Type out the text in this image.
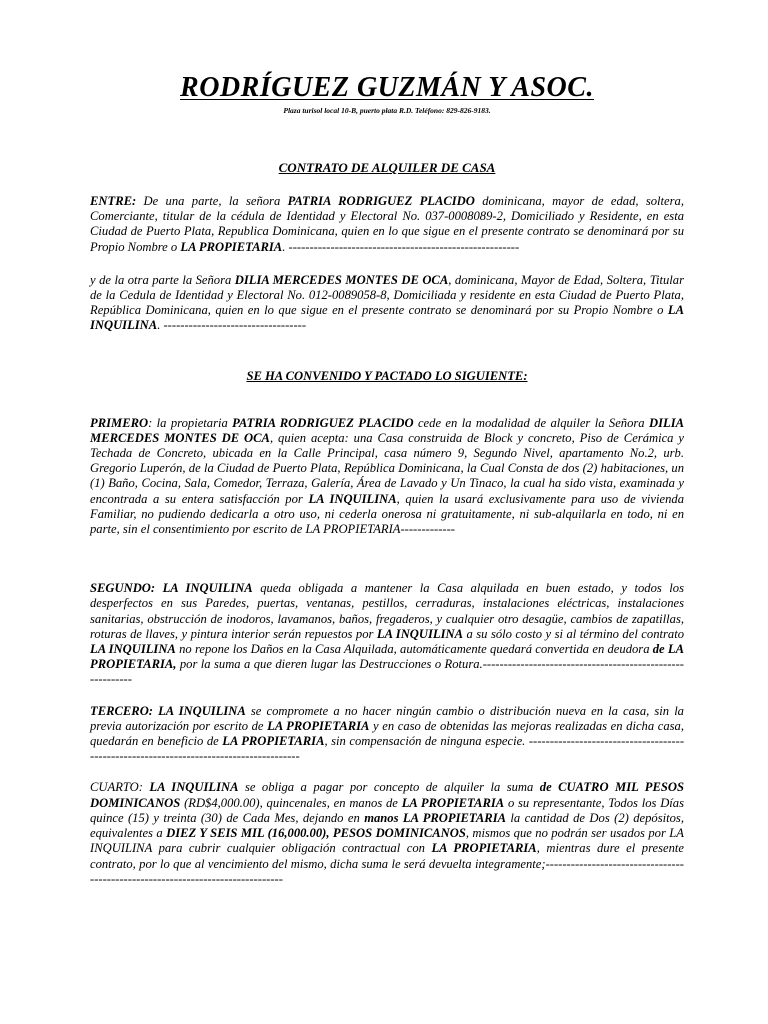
RODRÍGUEZ GUZMÁN Y ASOC.
Plaza turisol local 10-B, puerto plata R.D. Teléfono: 829-826-9183.
CONTRATO DE ALQUILER DE CASA

ENTRE: De una parte, la señora PATRIA RODRIGUEZ PLACIDO dominicana, mayor de edad, soltera, Comerciante, titular de la cédula de Identidad y Electoral No. 037-0008089-2, Domiciliado y Residente, en esta Ciudad de Puerto Plata, Republica Dominicana, quien en lo que sigue en el presente contrato se denominará por su Propio Nombre o LA PROPIETARIA. -------------------------------------------------------

y de la otra parte la Señora DILIA MERCEDES MONTES DE OCA, dominicana, Mayor de Edad, Soltera, Titular de la Cedula de Identidad y Electoral No. 012-0089058-8, Domiciliada y residente en esta Ciudad de Puerto Plata, República Dominicana, quien en lo que sigue en el presente contrato se denominará por su Propio Nombre o LA INQUILINA. ----------------------------------

SE HA CONVENIDO Y PACTADO LO SIGUIENTE:

PRIMERO: la propietaria PATRIA RODRIGUEZ PLACIDO cede en la modalidad de alquiler la Señora DILIA MERCEDES MONTES DE OCA, quien acepta: una Casa construida de Block y concreto, Piso de Cerámica y Techada de Concreto, ubicada en la Calle Principal, casa número 9, Segundo Nivel, apartamento No.2, urb. Gregorio Luperón, de la Ciudad de Puerto Plata, República Dominicana, la Cual Consta de dos (2) habitaciones, un (1) Baño, Cocina, Sala, Comedor, Terraza, Galería, Área de Lavado y Un Tinaco, la cual ha sido vista, examinada y encontrada a su entera satisfacción por LA INQUILINA, quien la usará exclusivamente para uso de vivienda Familiar, no pudiendo dedicarla a otro uso, ni cederla onerosa ni gratuitamente, ni sub-alquilarla en todo, ni en parte, sin el consentimiento por escrito de LA PROPIETARIA-------------

SEGUNDO: LA INQUILINA queda obligada a mantener la Casa alquilada en buen estado, y todos los desperfectos en sus Paredes, puertas, ventanas, pestillos, cerraduras, instalaciones eléctricas, instalaciones sanitarias, obstrucción de inodoros, lavamanos, baños, fregaderos, y cualquier otro desagüe, cambios de zapatillas, roturas de llaves, y pintura interior serán repuestos por LA INQUILINA a su sólo costo y si al término del contrato LA INQUILINA no repone los Daños en la Casa Alquilada, automáticamente quedará convertida en deudora de LA PROPIETARIA, por la suma a que dieren lugar las Destrucciones o Rotura.----------------------------------------------------------

TERCERO: LA INQUILINA se compromete a no hacer ningún cambio o distribución nueva en la casa, sin la previa autorización por escrito de LA PROPIETARIA y en caso de obtenidas las mejoras realizadas en dicha casa, quedarán en beneficio de LA PROPIETARIA, sin compensación de ninguna especie. ---------------------------------------------------------------------------------------

CUARTO: LA INQUILINA se obliga a pagar por concepto de alquiler la suma de CUATRO MIL PESOS DOMINICANOS (RD$4,000.00), quincenales, en manos de LA PROPIETARIA o su representante, Todos los Días quince (15) y treinta (30) de Cada Mes, dejando en manos LA PROPIETARIA la cantidad de Dos (2) depósitos, equivalentes a DIEZ Y SEIS MIL (16,000.00), PESOS DOMINICANOS, mismos que no podrán ser usados por LA INQUILINA para cubrir cualquier obligación contractual con LA PROPIETARIA, mientras dure el presente contrato, por lo que al vencimiento del mismo, dicha suma le será devuelta integramente;-------------------------------------------------------------------------------
